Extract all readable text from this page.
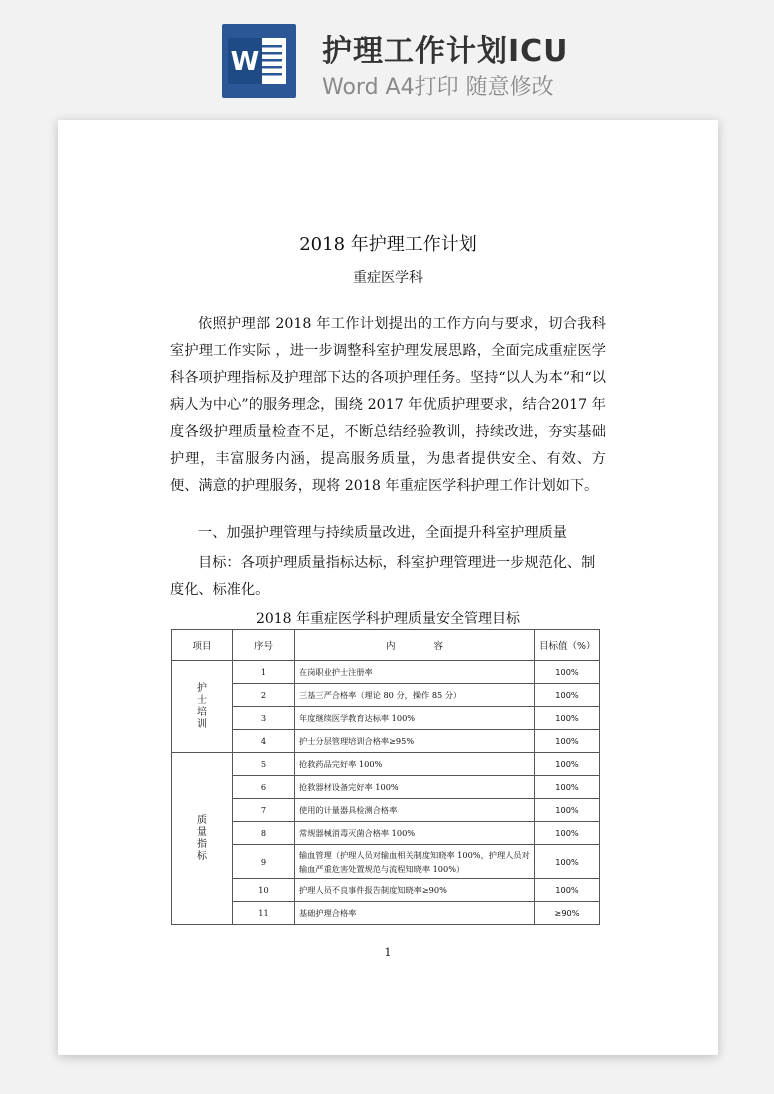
W 护理工作计划ICU
Word A4打印 随意修改
2018 年护理工作计划
重症医学科

依照护理部 2018 年工作计划提出的工作方向与要求，切合我科室护理工作实际 ，进一步调整科室护理发展思路，全面完成重症医学科各项护理指标及护理部下达的各项护理任务。坚持“以人为本”和“以病人为中心”的服务理念，围绕 2017 年优质护理要求，结合2017 年度各级护理质量检查不足，不断总结经验教训，持续改进，夯实基础护理，丰富服务内涵，提高服务质量，为患者提供安全、有效、方便、满意的护理服务，现将 2018 年重症医学科护理工作计划如下。

一、加强护理管理与持续质量改进，全面提升科室护理质量

目标：各项护理质量指标达标，科室护理管理进一步规范化、制度化、标准化。

2018 年重症医学科护理质量安全管理目标
项目	序号	内　　　　容	目标值（%）
护士培训	1	在岗职业护士注册率	100%
	2	三基三严合格率（理论 80 分，操作 85 分）	100%
	3	年度继续医学教育达标率 100%	100%
	4	护士分层管理培训合格率≥95%	100%
质量指标	5	抢救药品完好率 100%	100%
	6	抢救器材设备完好率 100%	100%
	7	使用的计量器具检测合格率	100%
	8	常规器械消毒灭菌合格率 100%	100%
	9	输血管理（护理人员对输血相关制度知晓率 100%，护理人员对输血严重危害处置规范与流程知晓率 100%）	100%
	10	护理人员不良事件报告制度知晓率≥90%	100%
	11	基础护理合格率	≥90%
1
